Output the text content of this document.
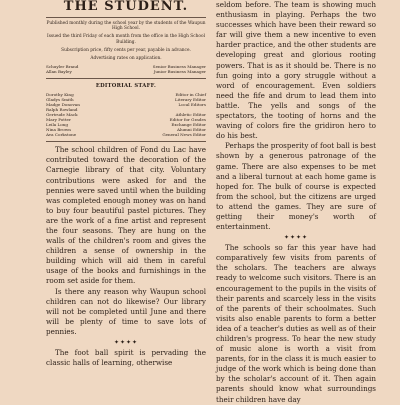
THE STUDENT.
Published monthly during the school year by the students of the Waupun High School.
Issued the third Friday of each month from the office in the High School Building.
Subscription price, fifty cents per year, payable in advance.
Advertising rates on application.
Schuyler Brand	Senior Business Manager
Allan Bayley	Junior Business Manager
EDITORIAL STAFF.
Dorothy King	Editor in Chief
Gladys Smith	Literary Editor
Madge Donovan	Local Editors
Ralph Rowland
Gertrude Mack	Athletic Editor
Mary Potter	Editor for Grades
Leila Long	Exchange Editor
Nina Brown	Alumni Editor
Ava Corkstone	General News Editor

The school children of Fond du Lac have contributed toward the decoration of the Carnegie library of that city. Voluntary contributions were asked for and the pennies were saved until when the building was completed enough money was on hand to buy four beautiful pastel pictures. They are the work of a fine artist and represent the four seasons. They are hung on the walls of the children's room and gives the children a sense of ownership in the building which will aid them in careful usage of the books and furnishings in the room set aside for them.

Is there any reason why Waupun school children can not do likewise? Our library will not be completed until June and there will be plenty of time to save lots of pennies.

✦✦✦✦

The foot ball spirit is pervading the classic halls of learning, otherwise

seldom before. The team is showing much enthusiasm in playing. Perhaps the two successes which have been their reward so far will give them a new incentive to even harder practice, and the other students are developing great and glorious rooting powers. That is as it should be. There is no fun going into a gory struggle without a word of encouragement. Even soldiers need the fife and drum to lead them into battle. The yells and songs of the spectators, the tooting of horns and the waving of colors fire the gridiron hero to do his best.

Perhaps the prosperity of foot ball is best shown by a generous patronage of the game. There are also expenses to be met and a liberal turnout at each home game is hoped for. The bulk of course is expected from the school, but the citizens are urged to attend the games. They are sure of getting their money's worth of entertainment.

✦✦✦✦

The schools so far this year have had comparatively few visits from parents of the scholars. The teachers are always ready to welcome such visitors. There is an encouragement to the pupils in the visits of their parents and scarcely less in the visits of the parents of their schoolmates. Such visits also enable parents to form a better idea of a teacher's duties as well as of their children's progress. To hear the new study of music alone is worth a visit from parents, for in the class it is much easier to judge of the work which is being done than by the scholar's account of it. Then again parents should know what surroundings their children have day
